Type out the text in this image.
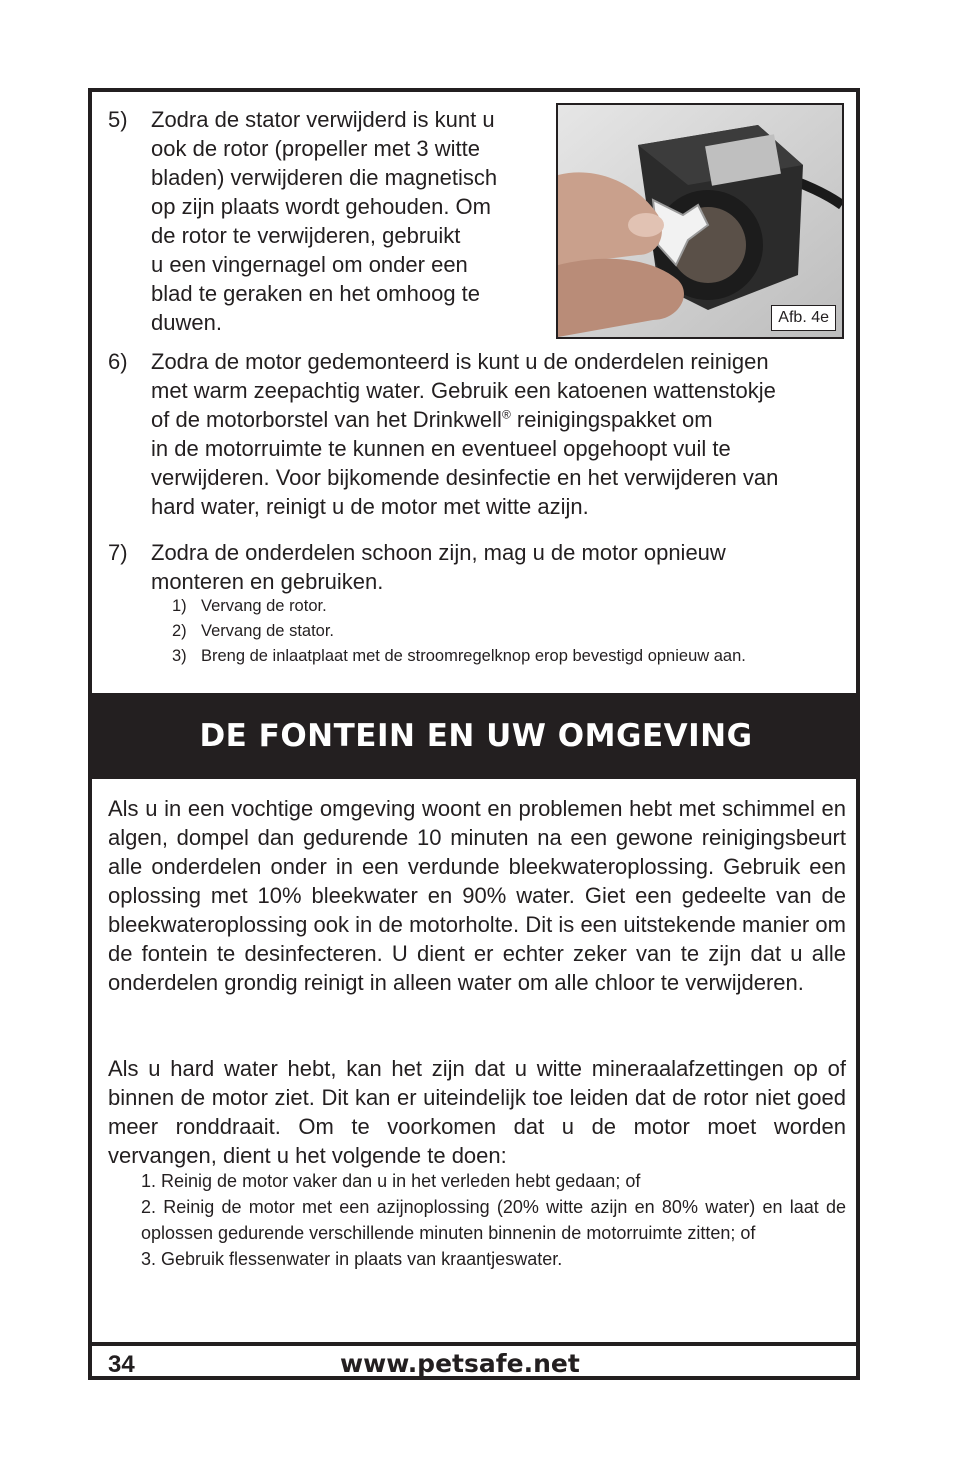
5) Zodra de stator verwijderd is kunt u
ook de rotor (propeller met 3 witte
bladen) verwijderen die magnetisch
op zijn plaats wordt gehouden. Om
de rotor te verwijderen, gebruikt
u een vingernagel om onder een
blad te geraken en het omhoog te
duwen.	Afb. 4e
6) Zodra de motor gedemonteerd is kunt u de onderdelen reinigen
met warm zeepachtig water. Gebruik een katoenen wattenstokje
of de motorborstel van het Drinkwell® reinigingspakket om
in de motorruimte te kunnen en eventueel opgehoopt vuil te
verwijderen. Voor bijkomende desinfectie en het verwijderen van
hard water, reinigt u de motor met witte azijn.
7) Zodra de onderdelen schoon zijn, mag u de motor opnieuw
monteren en gebruiken.
1) Vervang de rotor.
2) Vervang de stator.
3) Breng de inlaatplaat met de stroomregelknop erop bevestigd opnieuw aan.
DE FONTEIN EN UW OMGEVING

Als u in een vochtige omgeving woont en problemen hebt met schimmel en algen, dompel dan gedurende 10 minuten na een gewone reinigingsbeurt alle onderdelen onder in een verdunde bleekwateroplossing. Gebruik een oplossing met 10% bleekwater en 90% water. Giet een gedeelte van de bleekwateroplossing ook in de motorholte. Dit is een uitstekende manier om de fontein te desinfecteren. U dient er echter zeker van te zijn dat u alle onderdelen grondig reinigt in alleen water om alle chloor te verwijderen.

Als u hard water hebt, kan het zijn dat u witte mineraalafzettingen op of binnen de motor ziet. Dit kan er uiteindelijk toe leiden dat de rotor niet goed meer ronddraait. Om te voorkomen dat u de motor moet worden vervangen, dient u het volgende te doen:

1. Reinig de motor vaker dan u in het verleden hebt gedaan; of
2. Reinig de motor met een azijnoplossing (20% witte azijn en 80% water) en laat de oplossen gedurende verschillende minuten binnenin de motorruimte zitten; of
3. Gebruik flessenwater in plaats van kraantjeswater.
34	www.petsafe.net
